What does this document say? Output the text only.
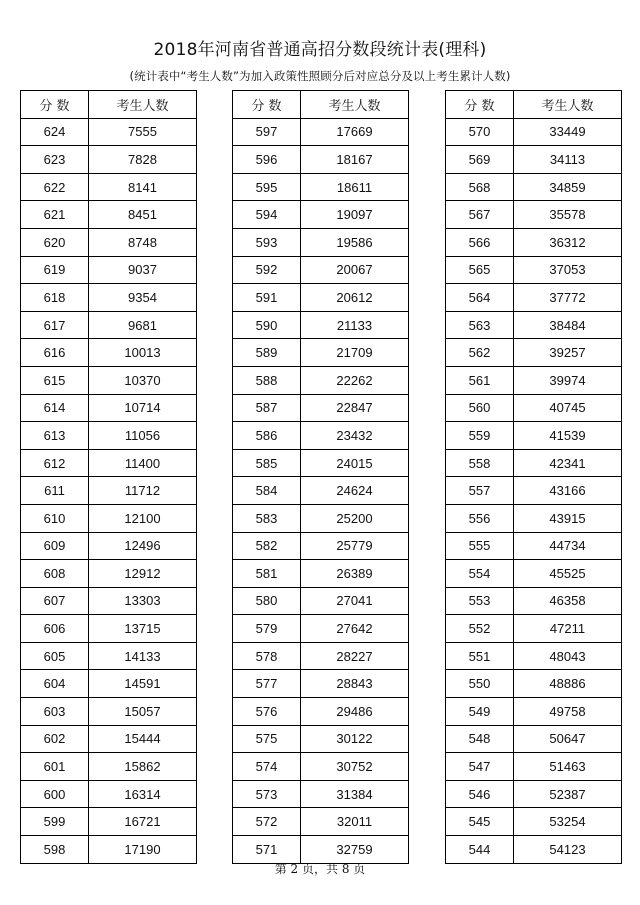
2018年河南省普通高招分数段统计表(理科)
(统计表中“考生人数”为加入政策性照顾分后对应总分及以上考生累计人数)
分 数	考生人数
624	7555
623	7828
622	8141
621	8451
620	8748
619	9037
618	9354
617	9681
616	10013
615	10370
614	10714
613	11056
612	11400
611	11712
610	12100
609	12496
608	12912
607	13303
606	13715
605	14133
604	14591
603	15057
602	15444
601	15862
600	16314
599	16721
598	17190
分 数	考生人数
597	17669
596	18167
595	18611
594	19097
593	19586
592	20067
591	20612
590	21133
589	21709
588	22262
587	22847
586	23432
585	24015
584	24624
583	25200
582	25779
581	26389
580	27041
579	27642
578	28227
577	28843
576	29486
575	30122
574	30752
573	31384
572	32011
571	32759
分 数	考生人数
570	33449
569	34113
568	34859
567	35578
566	36312
565	37053
564	37772
563	38484
562	39257
561	39974
560	40745
559	41539
558	42341
557	43166
556	43915
555	44734
554	45525
553	46358
552	47211
551	48043
550	48886
549	49758
548	50647
547	51463
546	52387
545	53254
544	54123
第 2 页，共 8 页
